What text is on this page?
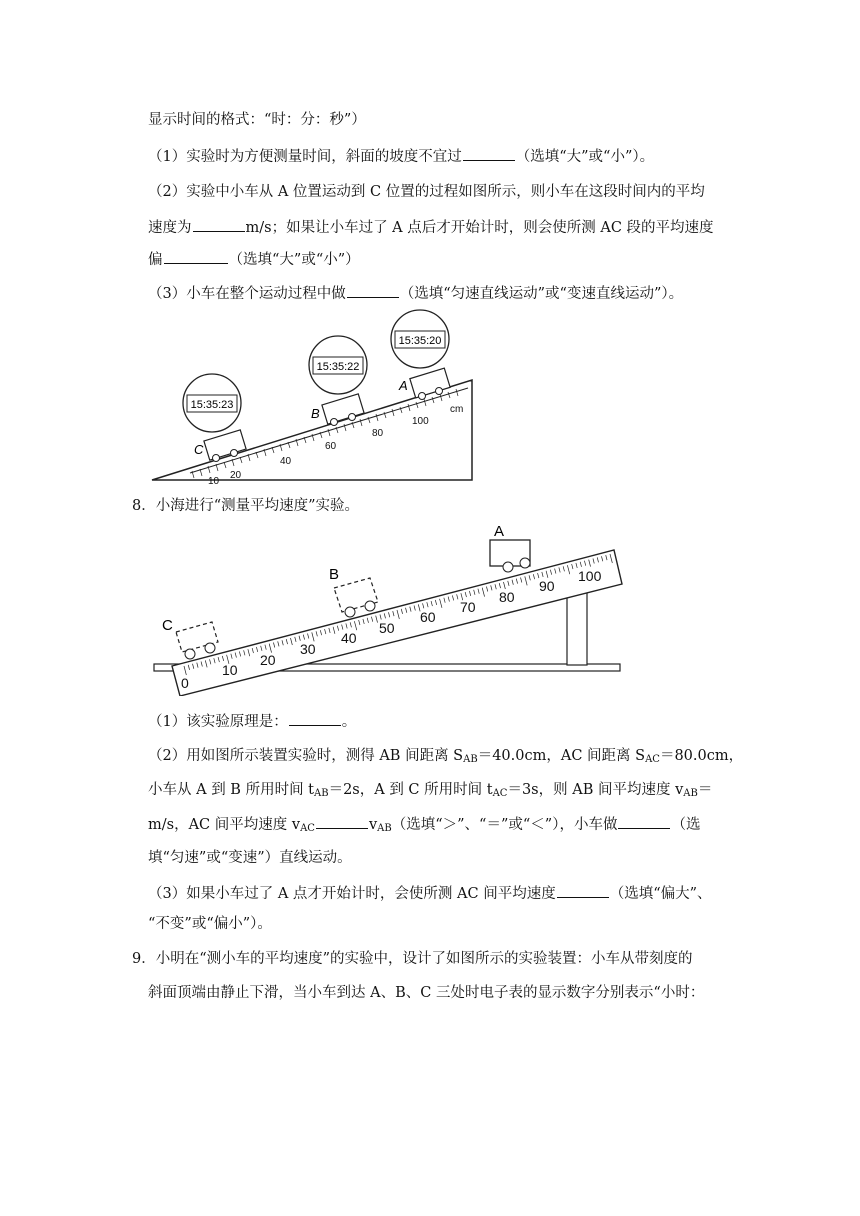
显示时间的格式：“时：分：秒”）
（1）实验时为方便测量时间，斜面的坡度不宜过	（选填“大”或“小”）。
（2）实验中小车从 A 位置运动到 C 位置的过程如图所示，则小车在这段时间内的平均
速度为	m/s；如果让小车过了 A 点后才开始计时，则会使所测 AC 段的平均速度
偏	（选填“大”或“小”）
（3）小车在整个运动过程中做	（选填“匀速直线运动”或“变速直线运动”）。
10
20
40
60
80
100
cm
C
B
A
15:35:23
15:35:22
15:35:20
8．小海进行“测量平均速度”实验。
0
10
20
30
40
50
60
70
80
90
100
C
B
A
（1）该实验原理是：	。
（2）用如图所示装置实验时，测得 AB 间距离 $S_{AB}=40.0cm$，AC 间距离 $S_{AC}=80.0cm$，
小车从 A 到 B 所用时间 $t_{AB}=2s$，A 到 C 所用时间 $t_{AC}=3s$，则 AB 间平均速度 $v_{AB}=$
m/s，AC 间平均速度 $v_{AC}$	$v_{AB}$（选填“＞”、“＝”或“＜”），小车做	（选
填“匀速”或“变速”）直线运动。
（3）如果小车过了 A 点才开始计时，会使所测 AC 间平均速度	（选填“偏大”、
“不变”或“偏小”）。
9．小明在“测小车的平均速度”的实验中，设计了如图所示的实验装置：小车从带刻度的
斜面顶端由静止下滑，当小车到达 A、B、C 三处时电子表的显示数字分别表示“小时：
